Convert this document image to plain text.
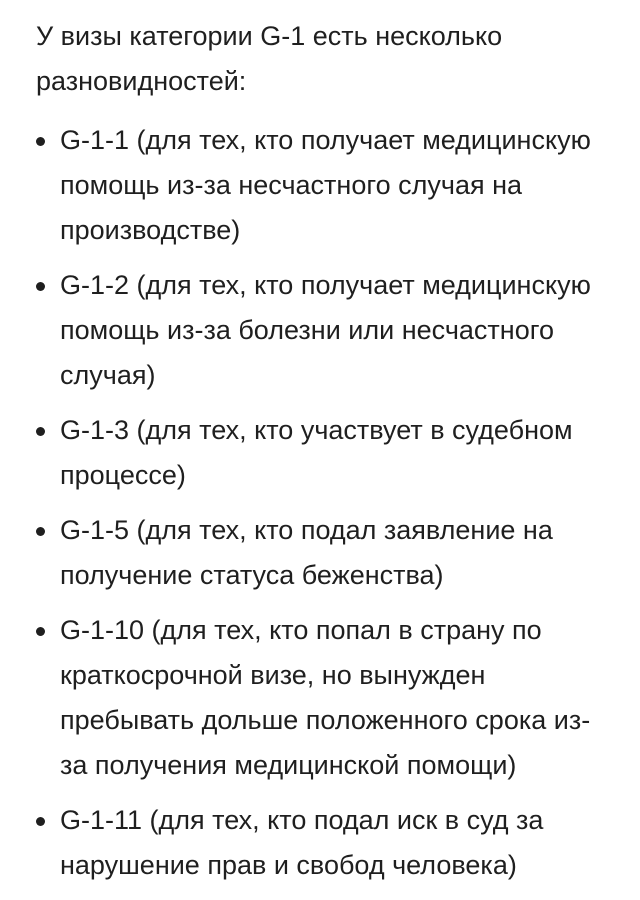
У визы категории G-1 есть несколько разновидностей:

G-1-1 (для тех, кто получает медицинскую помощь из-за несчастного случая на производстве)
G-1-2 (для тех, кто получает медицинскую помощь из-за болезни или несчастного случая)
G-1-3 (для тех, кто участвует в судебном процессе)
G-1-5 (для тех, кто подал заявление на получение статуса беженства)
G-1-10 (для тех, кто попал в страну по краткосрочной визе, но вынужден пребывать дольше положенного срока из-за получения медицинской помощи)
G-1-11 (для тех, кто подал иск в суд за нарушение прав и свобод человека)
